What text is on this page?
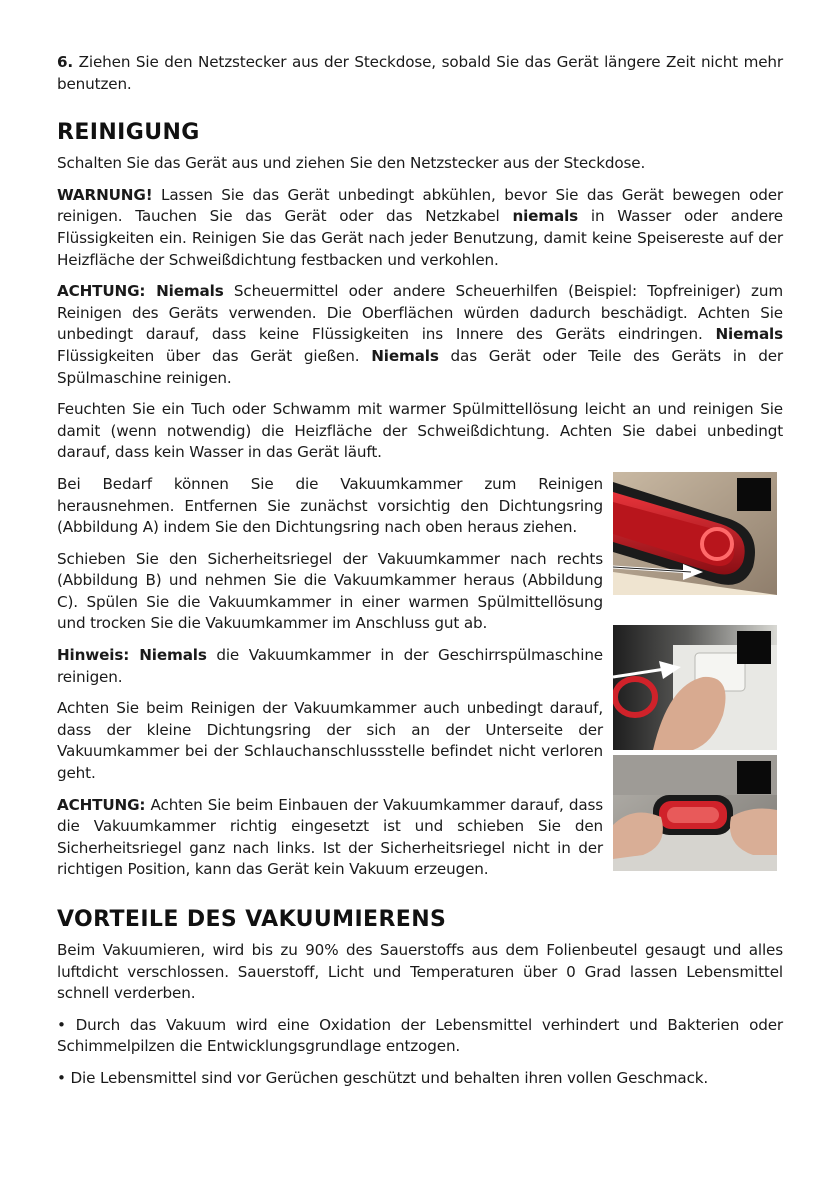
6. Ziehen Sie den Netzstecker aus der Steckdose, sobald Sie das Gerät längere Zeit nicht mehr benutzen.

REINIGUNG

Schalten Sie das Gerät aus und ziehen Sie den Netzstecker aus der Steckdose.

WARNUNG! Lassen Sie das Gerät unbedingt abkühlen, bevor Sie das Gerät bewegen oder reinigen. Tauchen Sie das Gerät oder das Netzkabel niemals in Wasser oder andere Flüssigkeiten ein. Reinigen Sie das Gerät nach jeder Benutzung, damit keine Speisereste auf der Heizfläche der Schweißdichtung festbacken und verkohlen.

ACHTUNG: Niemals Scheuermittel oder andere Scheuerhilfen (Beispiel: Topfreiniger) zum Reinigen des Geräts verwenden. Die Oberflächen würden dadurch beschädigt. Achten Sie unbedingt darauf, dass keine Flüssigkeiten ins Innere des Geräts eindringen. Niemals Flüssigkeiten über das Gerät gießen. Niemals das Gerät oder Teile des Geräts in der Spülmaschine reinigen.

Feuchten Sie ein Tuch oder Schwamm mit warmer Spülmittellösung leicht an und reinigen Sie damit (wenn notwendig) die Heizfläche der Schweißdichtung. Achten Sie dabei unbedingt darauf, dass kein Wasser in das Gerät läuft.

Bei Bedarf können Sie die Vakuumkammer zum Reinigen herausnehmen. Entfernen Sie zunächst vorsichtig den Dichtungsring (Abbildung A) indem Sie den Dichtungsring nach oben heraus ziehen.

Schieben Sie den Sicherheitsriegel der Vakuumkammer nach rechts (Abbildung B) und nehmen Sie die Vakuumkammer heraus (Abbildung C). Spülen Sie die Vakuumkammer in einer warmen Spülmittellösung und trocken Sie die Vakuumkammer im Anschluss gut ab.

Hinweis: Niemals die Vakuumkammer in der Geschirrspülmaschine reinigen.

Achten Sie beim Reinigen der Vakuumkammer auch unbedingt darauf, dass der kleine Dichtungsring der sich an der Unterseite der Vakuumkammer bei der Schlauchanschlussstelle befindet nicht verloren geht.

ACHTUNG: Achten Sie beim Einbauen der Vakuumkammer darauf, dass die Vakuumkammer richtig eingesetzt ist und schieben Sie den Sicherheitsriegel ganz nach links. Ist der Sicherheitsriegel nicht in der richtigen Position, kann das Gerät kein Vakuum erzeugen.

VORTEILE DES VAKUUMIERENS

Beim Vakuumieren, wird bis zu 90% des Sauerstoffs aus dem Folienbeutel gesaugt und alles luftdicht verschlossen. Sauerstoff, Licht und Temperaturen über 0 Grad lassen Lebensmittel schnell verderben.

• Durch das Vakuum wird eine Oxidation der Lebensmittel verhindert und Bakterien oder Schimmelpilzen die Entwicklungsgrundlage entzogen.

• Die Lebensmittel sind vor Gerüchen geschützt und behalten ihren vollen Geschmack.
